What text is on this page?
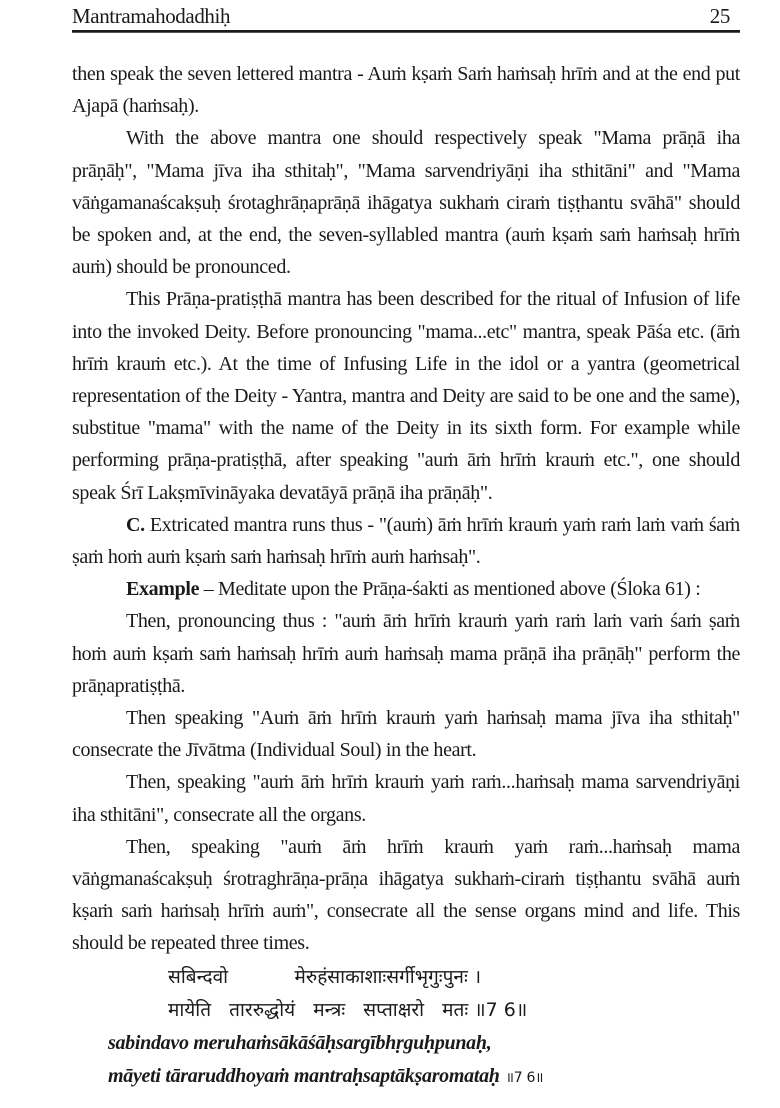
Mantramahodadhiḥ	25

then speak the seven lettered mantra - Auṁ kṣaṁ Saṁ haṁsaḥ hrīṁ and at the end put Ajapā (haṁsaḥ).

With the above mantra one should respectively speak "Mama prāṇā iha prāṇāḥ", "Mama jīva iha sthitaḥ", "Mama sarvendriyāṇi iha sthitāni" and "Mama vāṅgamanaścakṣuḥ śrotaghrāṇaprāṇā ihāgatya sukhaṁ ciraṁ tiṣṭhantu svāhā" should be spoken and, at the end, the seven-syllabled mantra (auṁ kṣaṁ saṁ haṁsaḥ hrīṁ auṁ) should be pronounced.

This Prāṇa-pratiṣṭhā mantra has been described for the ritual of Infusion of life into the invoked Deity. Before pronouncing "mama...etc" mantra, speak Pāśa etc. (āṁ hrīṁ krauṁ etc.). At the time of Infusing Life in the idol or a yantra (geometrical representation of the Deity - Yantra, mantra and Deity are said to be one and the same), substitue "mama" with the name of the Deity in its sixth form. For example while performing prāṇa-pratiṣṭhā, after speaking "auṁ āṁ hrīṁ krauṁ etc.", one should speak Śrī Lakṣmīvināyaka devatāyā prāṇā iha prāṇāḥ".

C. Extricated mantra runs thus - "(auṁ) āṁ hrīṁ krauṁ yaṁ raṁ laṁ vaṁ śaṁ ṣaṁ hoṁ auṁ kṣaṁ saṁ haṁsaḥ hrīṁ auṁ haṁsaḥ".

Example – Meditate upon the Prāṇa-śakti as mentioned above (Śloka 61) :

Then, pronouncing thus : "auṁ āṁ hrīṁ krauṁ yaṁ raṁ laṁ vaṁ śaṁ ṣaṁ hoṁ auṁ kṣaṁ saṁ haṁsaḥ hrīṁ auṁ haṁsaḥ mama prāṇā iha prāṇāḥ" perform the prāṇapratiṣṭhā.

Then speaking "Auṁ āṁ hrīṁ krauṁ yaṁ haṁsaḥ mama jīva iha sthitaḥ" consecrate the Jīvātma (Individual Soul) in the heart.

Then, speaking "auṁ āṁ hrīṁ krauṁ yaṁ raṁ...haṁsaḥ mama sarvendriyāṇi iha sthitāni", consecrate all the organs.

Then, speaking "auṁ āṁ hrīṁ krauṁ yaṁ raṁ...haṁsaḥ mama vāṅgmanaścakṣuḥ śrotraghrāṇa-prāṇa ihāgatya sukhaṁ-ciraṁ tiṣṭhantu svāhā auṁ kṣaṁ saṁ haṁsaḥ hrīṁ auṁ", consecrate all the sense organs mind and life. This should be repeated three times.

सबिन्दवो           मेरुहंसाकाशाःसर्गीभृगुःपुनः ।
मायेति   ताररुद्धोयं   मन्त्रः   सप्ताक्षरो   मतः ॥7 6॥
sabindavo meruhaṁsākāśāḥsargībhṛguḥpunaḥ,
māyeti tāraruddhoyaṁ mantraḥsaptākṣaromataḥ ॥7 6॥
